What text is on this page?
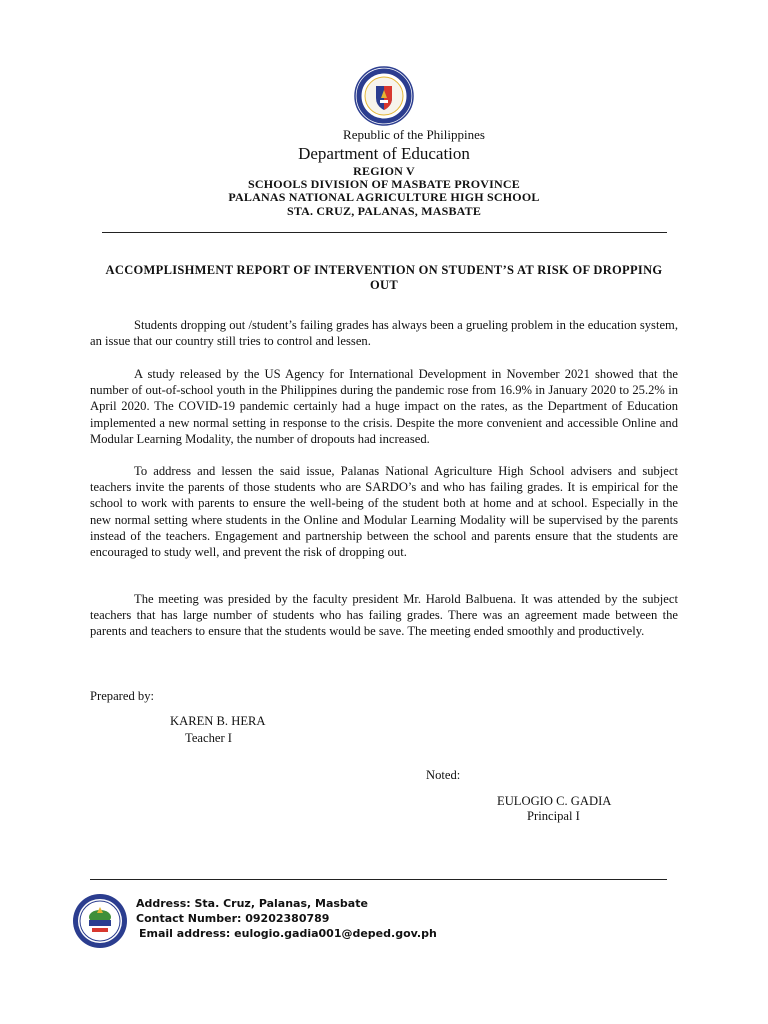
Republic of the Philippines
Department of Education
REGION V
SCHOOLS DIVISION OF MASBATE PROVINCE
PALANAS NATIONAL AGRICULTURE HIGH SCHOOL
STA. CRUZ, PALANAS, MASBATE
ACCOMPLISHMENT REPORT OF INTERVENTION ON STUDENT’S AT RISK OF DROPPING OUT

Students dropping out /student’s failing grades has always been a grueling problem in the education system, an issue that our country still tries to control and lessen.

A study released by the US Agency for International Development in November 2021 showed that the number of out-of-school youth in the Philippines during the pandemic rose from 16.9% in January 2020 to 25.2% in April 2020. The COVID-19 pandemic certainly had a huge impact on the rates, as the Department of Education implemented a new normal setting in response to the crisis. Despite the more convenient and accessible Online and Modular Learning Modality, the number of dropouts had increased.

To address and lessen the said issue, Palanas National Agriculture High School advisers and subject teachers invite the parents of those students who are SARDO’s and who has failing grades. It is empirical for the school to work with parents to ensure the well-being of the student both at home and at school. Especially in the new normal setting where students in the Online and Modular Learning Modality will be supervised by the parents instead of the teachers. Engagement and partnership between the school and parents ensure that the students are encouraged to study well, and prevent the risk of dropping out.

The meeting was presided by the faculty president Mr. Harold Balbuena. It was attended by the subject teachers that has large number of students who has failing grades. There was an agreement made between the parents and teachers to ensure that the students would be save. The meeting ended smoothly and productively.

Prepared by:
KAREN B. HERA
Teacher I
Noted:
EULOGIO C. GADIA
Principal I
Address: Sta. Cruz, Palanas, Masbate
Contact Number: 09202380789
Email address: eulogio.gadia001@deped.gov.ph
